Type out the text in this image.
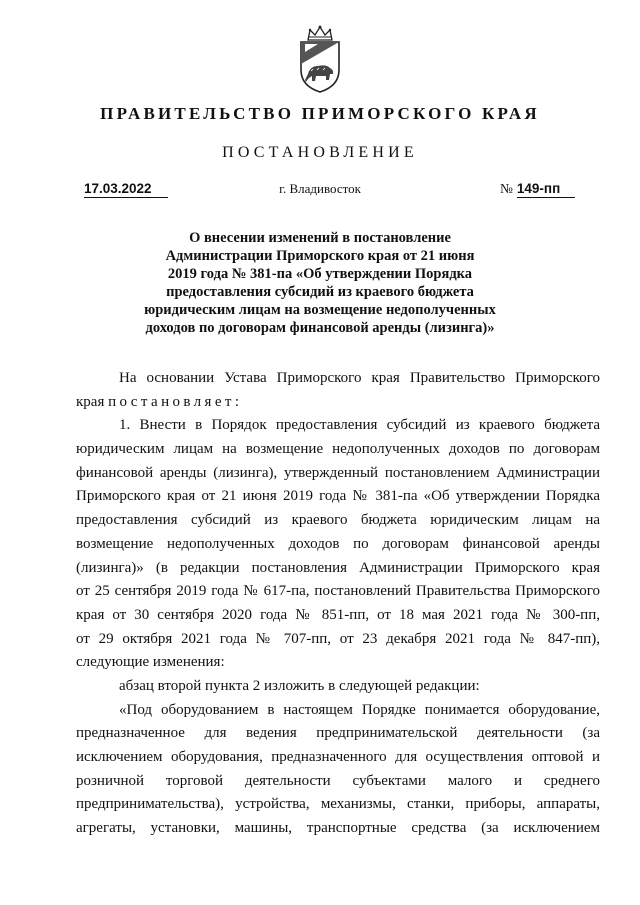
ПРАВИТЕЛЬСТВО ПРИМОРСКОГО КРАЯ
ПОСТАНОВЛЕНИЕ
17.03.2022	г. Владивосток	№ 149-пп
О внесении изменений в постановление
Администрации Приморского края от 21 июня
2019 года № 381-па «Об утверждении Порядка
предоставления субсидий из краевого бюджета
юридическим лицам на возмещение недополученных
доходов по договорам финансовой аренды (лизинга)»
На основании Устава Приморского края Правительство Приморского
края постановляет:
1. Внести в Порядок предоставления субсидий из краевого бюджета
юридическим лицам на возмещение недополученных доходов по договорам
финансовой аренды (лизинга), утвержденный постановлением Администрации
Приморского края от 21 июня 2019 года № 381-па «Об утверждении Порядка
предоставления субсидий из краевого бюджета юридическим лицам на
возмещение недополученных доходов по договорам финансовой аренды
(лизинга)» (в редакции постановления Администрации Приморского края
от 25 сентября 2019 года № 617-па, постановлений Правительства Приморского
края от 30 сентября 2020 года № 851-пп, от 18 мая 2021 года № 300-пп,
от 29 октября 2021 года № 707-пп, от 23 декабря 2021 года № 847-пп),
следующие изменения:
абзац второй пункта 2 изложить в следующей редакции:
«Под оборудованием в настоящем Порядке понимается оборудование,
предназначенное для ведения предпринимательской деятельности (за
исключением оборудования, предназначенного для осуществления оптовой и
розничной торговой деятельности субъектами малого и среднего
предпринимательства), устройства, механизмы, станки, приборы, аппараты,
агрегаты, установки, машины, транспортные средства (за исключением
